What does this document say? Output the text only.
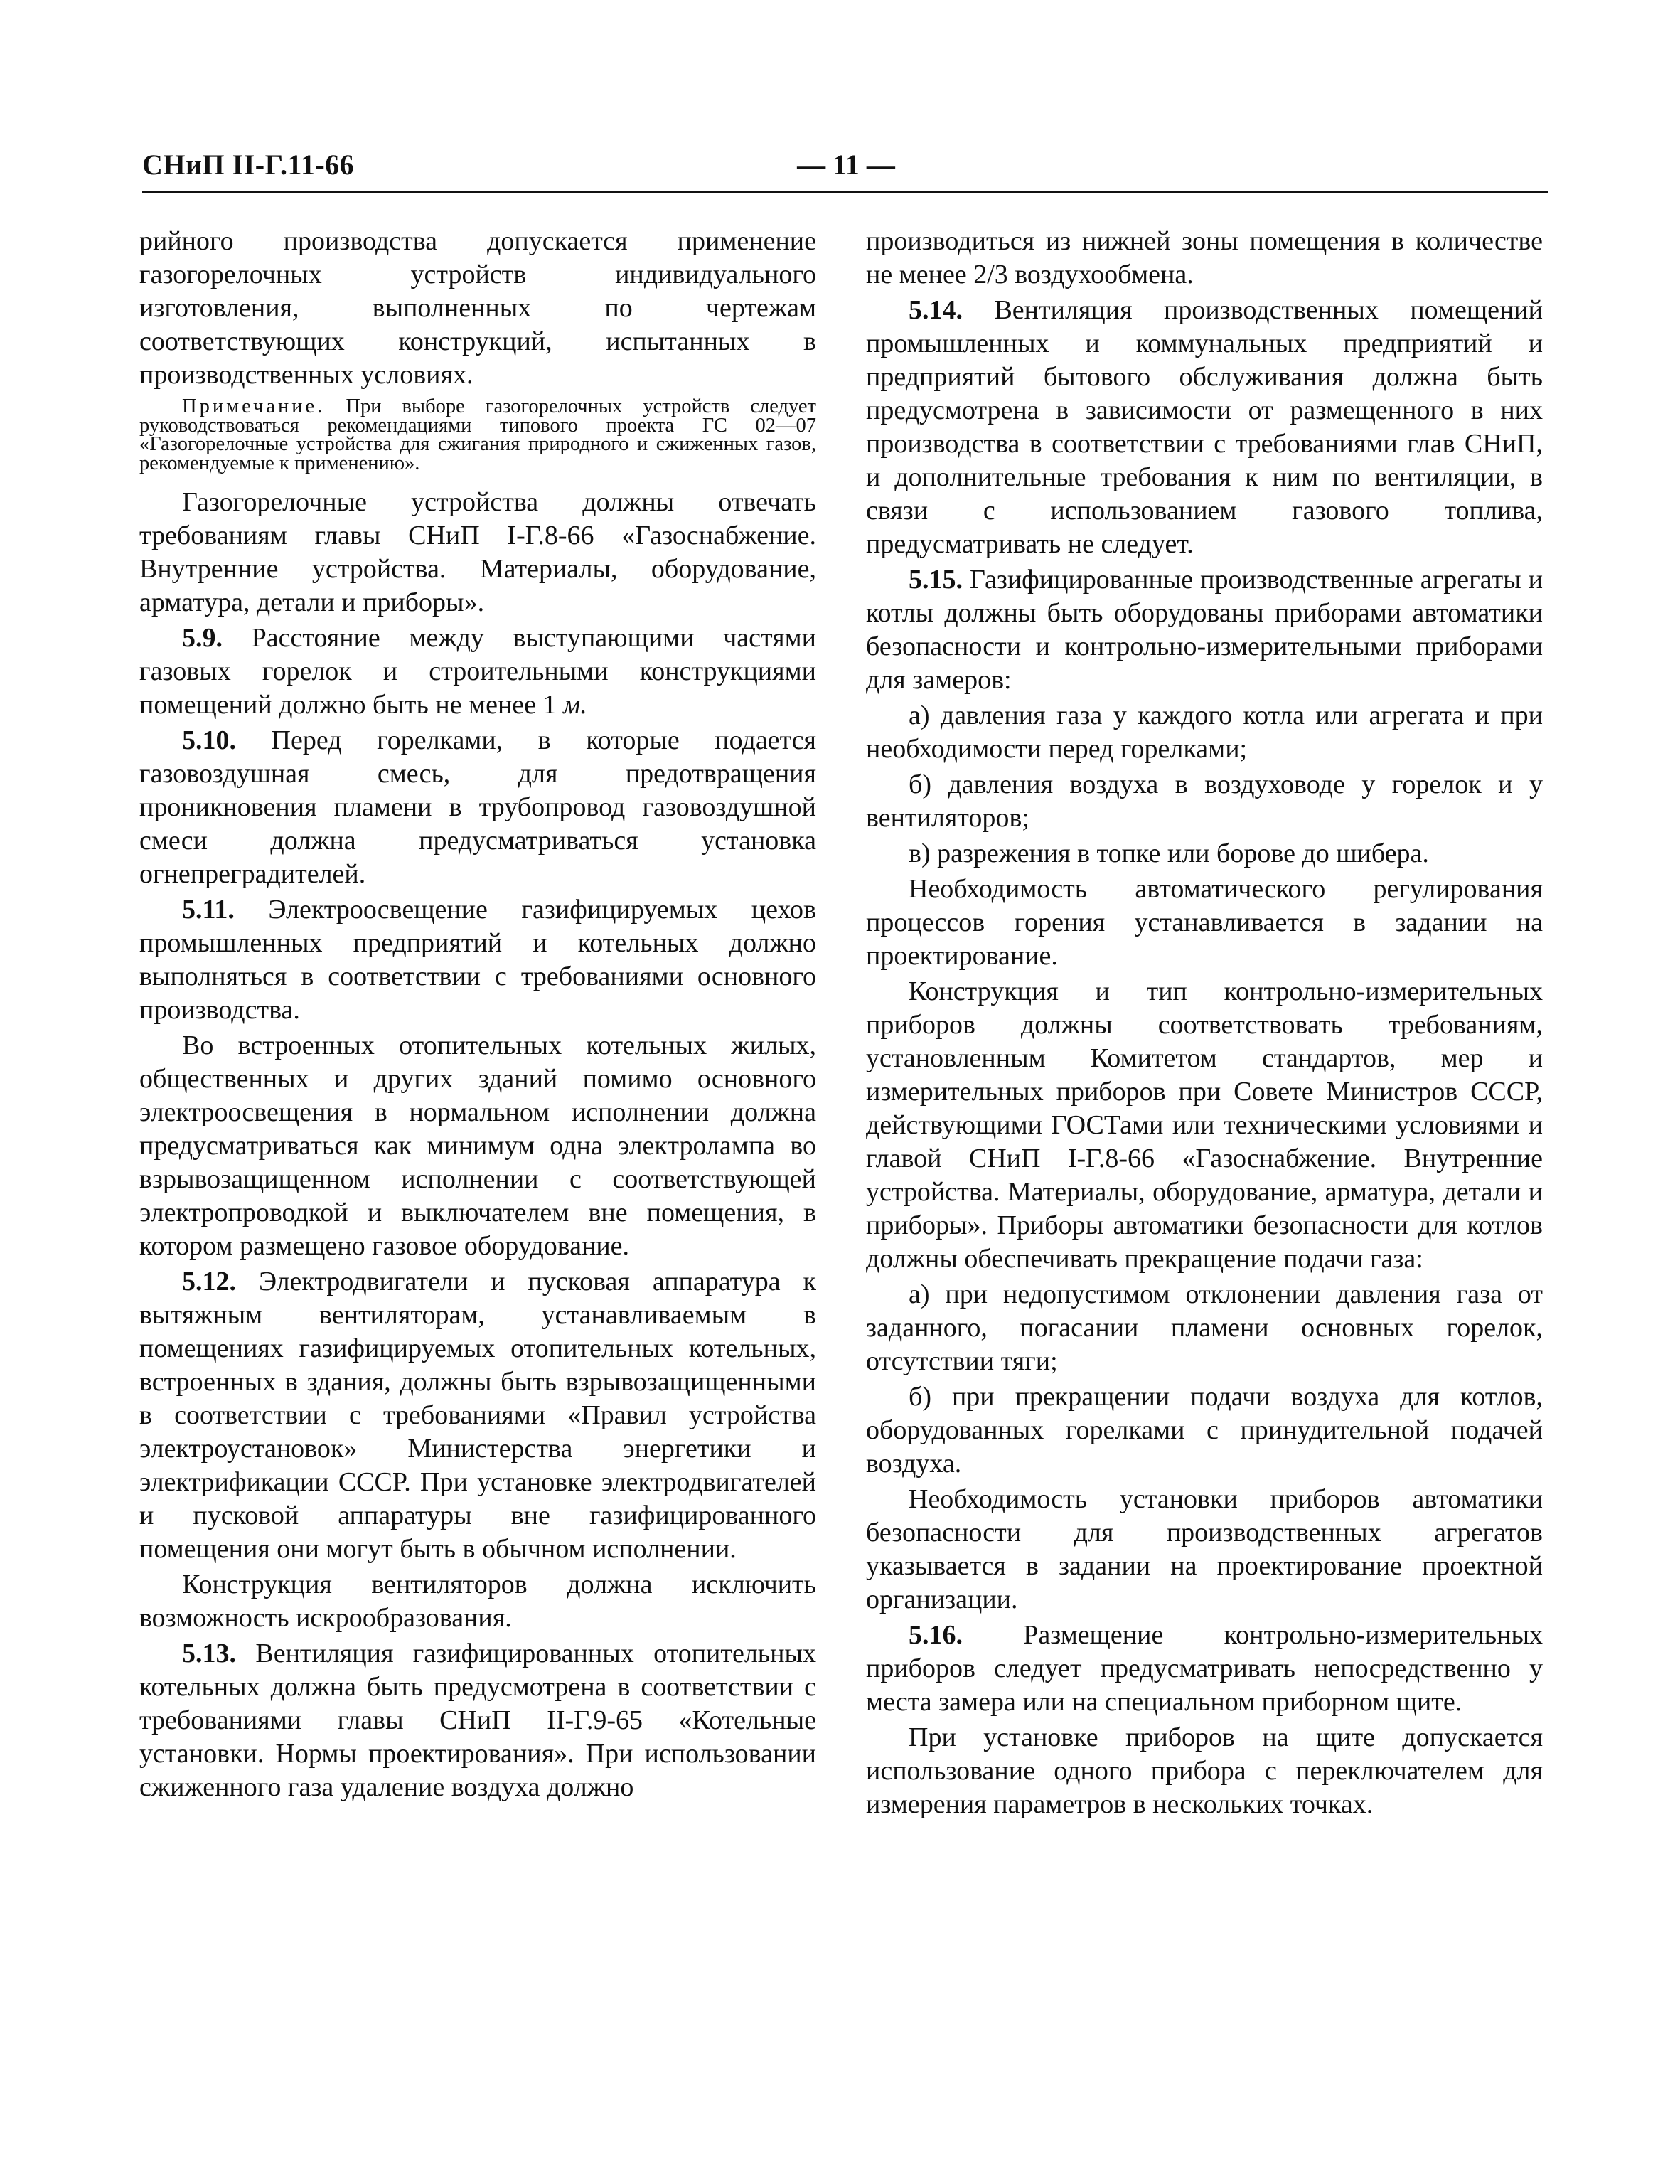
СНиП II-Г.11-66	— 11 —

рийного производства допускается применение газогорелочных устройств индивидуального изготовления, выполненных по чертежам соответствующих конструкций, испытанных в производственных условиях.

Примечание. При выборе газогорелочных устройств следует руководствоваться рекомендациями типового проекта ГС 02—07 «Газогорелочные устройства для сжигания природного и сжиженных газов, рекомендуемые к применению».

Газогорелочные устройства должны отвечать требованиям главы СНиП I-Г.8-66 «Газоснабжение. Внутренние устройства. Материалы, оборудование, арматура, детали и приборы».

5.9. Расстояние между выступающими частями газовых горелок и строительными конструкциями помещений должно быть не менее 1 м.

5.10. Перед горелками, в которые подается газовоздушная смесь, для предотвращения проникновения пламени в трубопровод газовоздушной смеси должна предусматриваться установка огнепреградителей.

5.11. Электроосвещение газифицируемых цехов промышленных предприятий и котельных должно выполняться в соответствии с требованиями основного производства.

Во встроенных отопительных котельных жилых, общественных и других зданий помимо основного электроосвещения в нормальном исполнении должна предусматриваться как минимум одна электролампа во взрывозащищенном исполнении с соответствующей электропроводкой и выключателем вне помещения, в котором размещено газовое оборудование.

5.12. Электродвигатели и пусковая аппаратура к вытяжным вентиляторам, устанавливаемым в помещениях газифицируемых отопительных котельных, встроенных в здания, должны быть взрывозащищенными в соответствии с требованиями «Правил устройства электроустановок» Министерства энергетики и электрификации СССР. При установке электродвигателей и пусковой аппаратуры вне газифицированного помещения они могут быть в обычном исполнении.

Конструкция вентиляторов должна исключить возможность искрообразования.

5.13. Вентиляция газифицированных отопительных котельных должна быть предусмотрена в соответствии с требованиями главы СНиП II-Г.9-65 «Котельные установки. Нормы проектирования». При использовании сжиженного газа удаление воздуха должно

производиться из нижней зоны помещения в количестве не менее 2/3 воздухообмена.

5.14. Вентиляция производственных помещений промышленных и коммунальных предприятий и предприятий бытового обслуживания должна быть предусмотрена в зависимости от размещенного в них производства в соответствии с требованиями глав СНиП, и дополнительные требования к ним по вентиляции, в связи с использованием газового топлива, предусматривать не следует.

5.15. Газифицированные производственные агрегаты и котлы должны быть оборудованы приборами автоматики безопасности и контрольно-измерительными приборами для замеров:

а) давления газа у каждого котла или агрегата и при необходимости перед горелками;

б) давления воздуха в воздуховоде у горелок и у вентиляторов;

в) разрежения в топке или борове до шибера.

Необходимость автоматического регулирования процессов горения устанавливается в задании на проектирование.

Конструкция и тип контрольно-измерительных приборов должны соответствовать требованиям, установленным Комитетом стандартов, мер и измерительных приборов при Совете Министров СССР, действующими ГОСТами или техническими условиями и главой СНиП I-Г.8-66 «Газоснабжение. Внутренние устройства. Материалы, оборудование, арматура, детали и приборы». Приборы автоматики безопасности для котлов должны обеспечивать прекращение подачи газа:

а) при недопустимом отклонении давления газа от заданного, погасании пламени основных горелок, отсутствии тяги;

б) при прекращении подачи воздуха для котлов, оборудованных горелками с принудительной подачей воздуха.

Необходимость установки приборов автоматики безопасности для производственных агрегатов указывается в задании на проектирование проектной организации.

5.16. Размещение контрольно-измерительных приборов следует предусматривать непосредственно у места замера или на специальном приборном щите.

При установке приборов на щите допускается использование одного прибора с переключателем для измерения параметров в нескольких точках.
